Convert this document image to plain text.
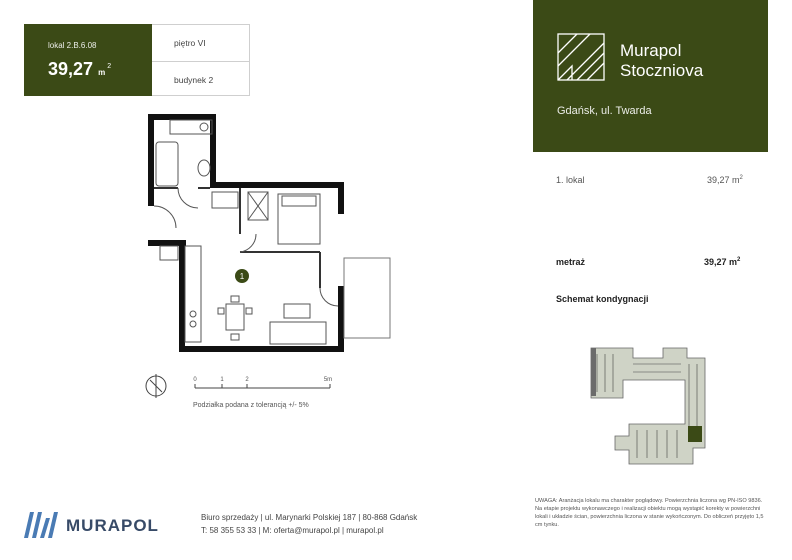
lokal 2.B.6.08
39,27 $m^2$
piętro VI
budynek 2
Murapol
Stoczniova
Gdańsk, ul. Twarda
1. lokal	39,27 $m^2$
metraż	39,27 $m^2$
Schemat kondygnacji
1
0	1	2	5m
Podziałka podana z tolerancją +/- 5%
MURAPOL	Biuro sprzedaży | ul. Marynarki Polskiej 187 | 80-868 Gdańsk
T: 58 355 53 33 | M: oferta@murapol.pl | murapol.pl
UWAGA: Aranżacja lokalu ma charakter poglądowy. Powierzchnia liczona wg PN-ISO 9836. Na etapie projektu wykonawczego i realizacji obiektu mogą wystąpić korekty w powierzchni lokali i układzie ścian, powierzchnia liczona w stanie wykończonym. Do obliczeń przyjęto 1,5 cm tynku.
